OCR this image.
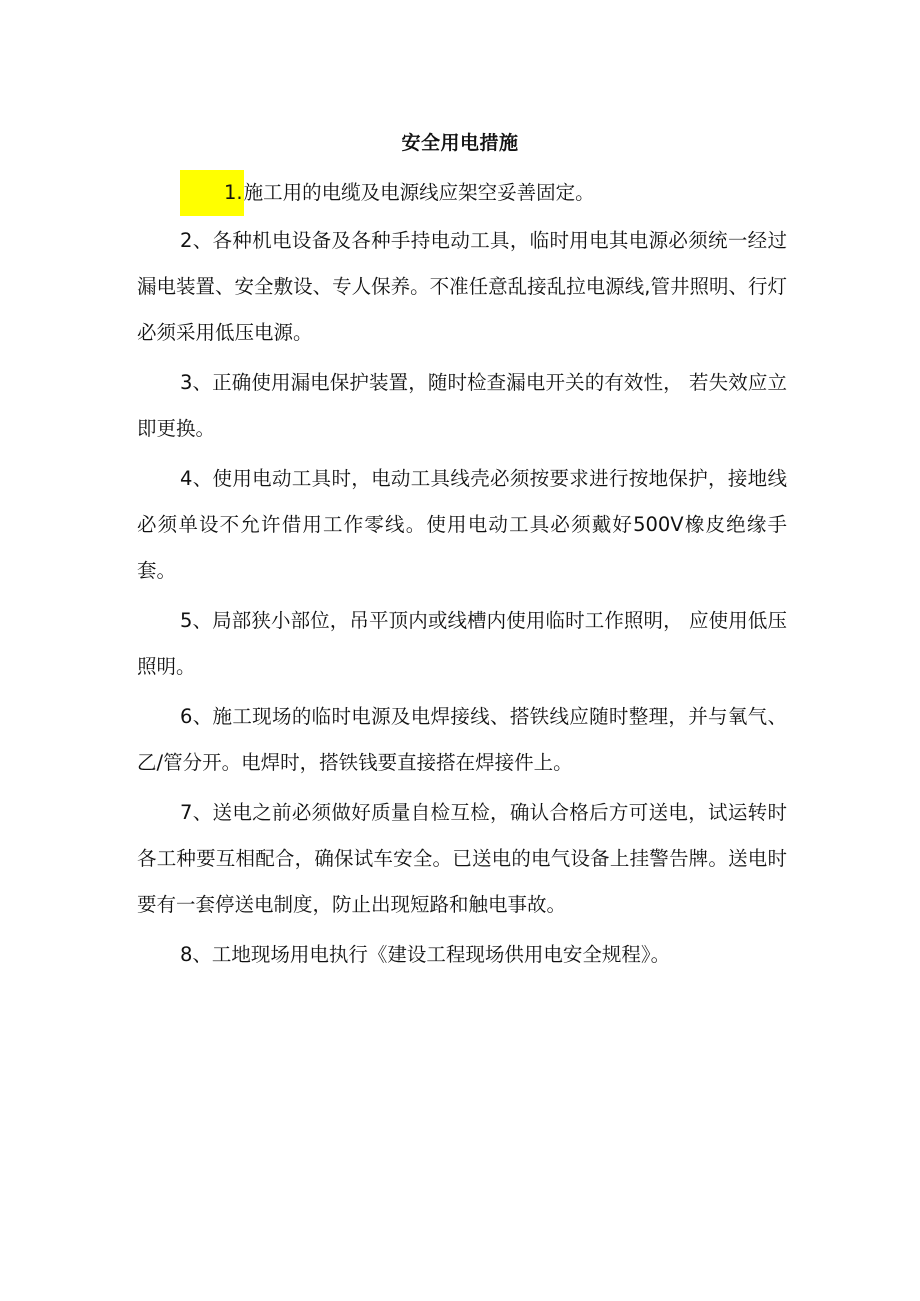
安全用电措施

1.施工用的电缆及电源线应架空妥善固定。

2、各种机电设备及各种手持电动工具，临时用电其电源必须统一经过漏电装置、安全敷设、专人保养。不准任意乱接乱拉电源线,管井照明、行灯必须采用低压电源。

3、正确使用漏电保护装置，随时检查漏电开关的有效性， 若失效应立即更换。

4、使用电动工具时，电动工具线壳必须按要求进行按地保护，接地线必须单设不允许借用工作零线。使用电动工具必须戴好500V橡皮绝缘手套。

5、局部狭小部位，吊平顶内或线槽内使用临时工作照明， 应使用低压照明。

6、施工现场的临时电源及电焊接线、搭铁线应随时整理，并与氧气、乙/管分开。电焊时，搭铁钱要直接搭在焊接件上。

7、送电之前必须做好质量自检互检，确认合格后方可送电，试运转时各工种要互相配合，确保试车安全。已送电的电气设备上挂警告牌。送电时要有一套停送电制度，防止出现短路和触电事故。

8、工地现场用电执行《建设工程现场供用电安全规程》。
